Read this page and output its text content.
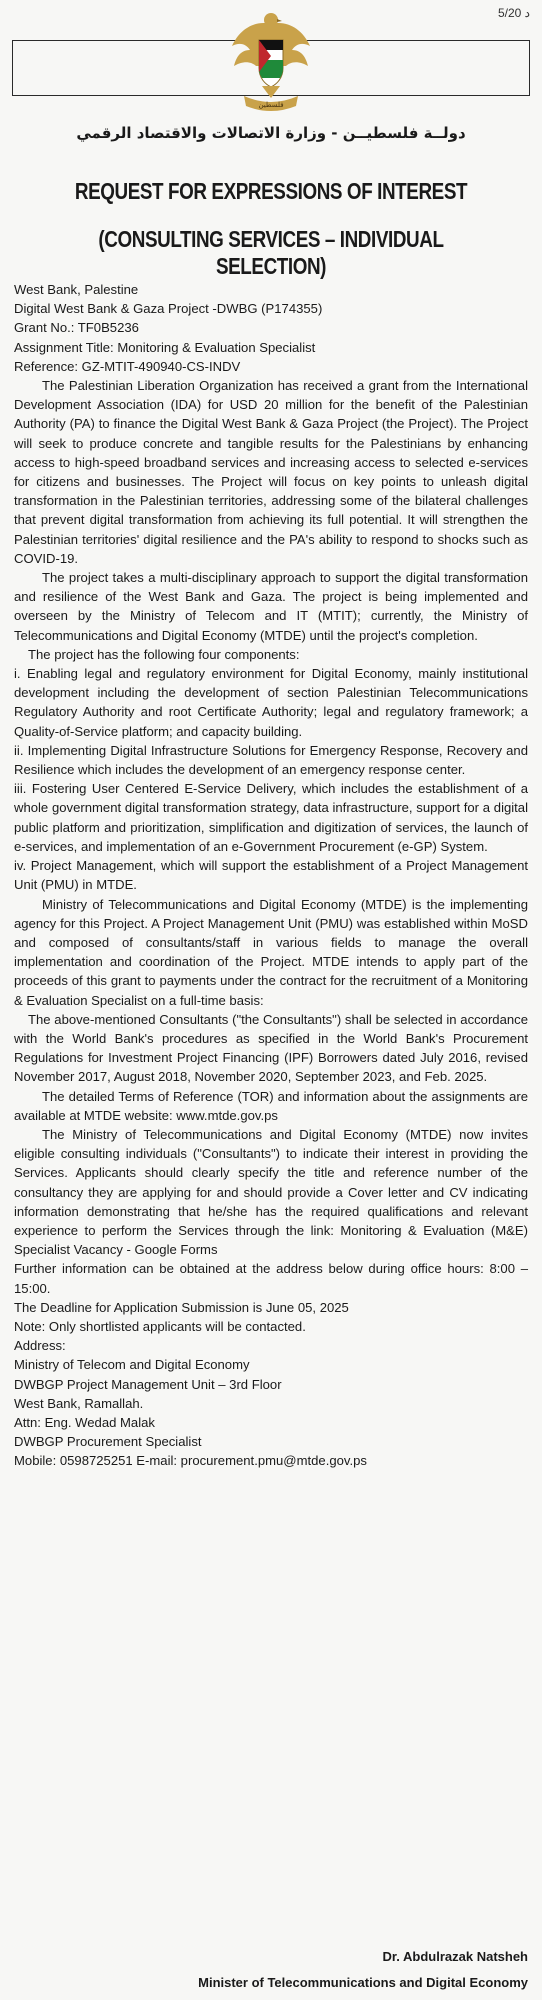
5/20 د
فلسطين
دولــة فلسطيــن - وزارة الاتصالات والاقتصاد الرقمي
REQUEST FOR EXPRESSIONS OF INTEREST
(CONSULTING SERVICES – INDIVIDUAL SELECTION)

West Bank, Palestine

Digital West Bank & Gaza Project -DWBG (P174355)

Grant No.: TF0B5236

Assignment Title: Monitoring & Evaluation Specialist

Reference: GZ-MTIT-490940-CS-INDV

The Palestinian Liberation Organization has received a grant from the International Development Association (IDA) for USD 20 million for the benefit of the Palestinian Authority (PA) to finance the Digital West Bank & Gaza Project (the Project). The Project will seek to produce concrete and tangible results for the Palestinians by enhancing access to high-speed broadband services and increasing access to selected e-services for citizens and businesses. The Project will focus on key points to unleash digital transformation in the Palestinian territories, addressing some of the bilateral challenges that prevent digital transformation from achieving its full potential. It will strengthen the Palestinian territories' digital resilience and the PA's ability to respond to shocks such as COVID-19.

The project takes a multi-disciplinary approach to support the digital transformation and resilience of the West Bank and Gaza. The project is being implemented and overseen by the Ministry of Telecom and IT (MTIT); currently, the Ministry of Telecommunications and Digital Economy (MTDE) until the project's completion.

The project has the following four components:

i. Enabling legal and regulatory environment for Digital Economy, mainly institutional development including the development of section Palestinian Telecommunications Regulatory Authority and root Certificate Authority; legal and regulatory framework; a Quality-of-Service platform; and capacity building.

ii. Implementing Digital Infrastructure Solutions for Emergency Response, Recovery and Resilience which includes the development of an emergency response center.

iii. Fostering User Centered E-Service Delivery, which includes the establishment of a whole government digital transformation strategy, data infrastructure, support for a digital public platform and prioritization, simplification and digitization of services, the launch of e-services, and implementation of an e-Government Procurement (e-GP) System.

iv. Project Management, which will support the establishment of a Project Management Unit (PMU) in MTDE.

Ministry of Telecommunications and Digital Economy (MTDE) is the implementing agency for this Project. A Project Management Unit (PMU) was established within MoSD and composed of consultants/staff in various fields to manage the overall implementation and coordination of the Project. MTDE intends to apply part of the proceeds of this grant to payments under the contract for the recruitment of a Monitoring & Evaluation Specialist on a full-time basis:

The above-mentioned Consultants ("the Consultants") shall be selected in accordance with the World Bank's procedures as specified in the World Bank's Procurement Regulations for Investment Project Financing (IPF) Borrowers dated July 2016, revised November 2017, August 2018, November 2020, September 2023, and Feb. 2025.

The detailed Terms of Reference (TOR) and information about the assignments are available at MTDE website: www.mtde.gov.ps

The Ministry of Telecommunications and Digital Economy (MTDE) now invites eligible consulting individuals ("Consultants") to indicate their interest in providing the Services. Applicants should clearly specify the title and reference number of the consultancy they are applying for and should provide a Cover letter and CV indicating information demonstrating that he/she has the required qualifications and relevant experience to perform the Services through the link: Monitoring & Evaluation (M&E) Specialist Vacancy - Google Forms

Further information can be obtained at the address below during office hours: 8:00 – 15:00.

The Deadline for Application Submission is June 05, 2025

Note: Only shortlisted applicants will be contacted.

Address:

Ministry of Telecom and Digital Economy

DWBGP Project Management Unit – 3rd Floor

West Bank, Ramallah.

Attn: Eng. Wedad Malak

DWBGP Procurement Specialist

Mobile: 0598725251 E-mail: procurement.pmu@mtde.gov.ps

Dr. Abdulrazak Natsheh
Minister of Telecommunications and Digital Economy
